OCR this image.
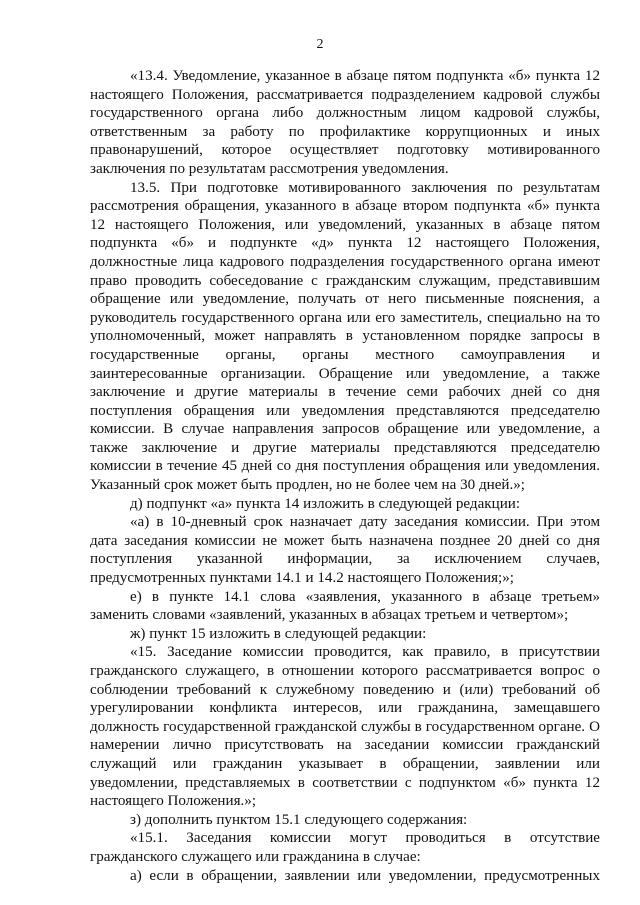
2

«13.4. Уведомление, указанное в абзаце пятом подпункта «б» пункта 12 настоящего Положения, рассматривается подразделением кадровой службы государственного органа либо должностным лицом кадровой службы, ответственным за работу по профилактике коррупционных и иных правонарушений, которое осуществляет подготовку мотивированного заключения по результатам рассмотрения уведомления.

13.5. При подготовке мотивированного заключения по результатам рассмотрения обращения, указанного в абзаце втором подпункта «б» пункта 12 настоящего Положения, или уведомлений, указанных в абзаце пятом подпункта «б» и подпункте «д» пункта 12 настоящего Положения, должностные лица кадрового подразделения государственного органа имеют право проводить собеседование с гражданским служащим, представившим обращение или уведомление, получать от него письменные пояснения, а руководитель государственного органа или его заместитель, специально на то уполномоченный, может направлять в установленном порядке запросы в государственные органы, органы местного самоуправления и заинтересованные организации. Обращение или уведомление, а также заключение и другие материалы в течение семи рабочих дней со дня поступления обращения или уведомления представляются председателю комиссии. В случае направления запросов обращение или уведомление, а также заключение и другие материалы представляются председателю комиссии в течение 45 дней со дня поступления обращения или уведомления. Указанный срок может быть продлен, но не более чем на 30 дней.»;

д) подпункт «а» пункта 14 изложить в следующей редакции:

«а) в 10-дневный срок назначает дату заседания комиссии. При этом дата заседания комиссии не может быть назначена позднее 20 дней со дня поступления указанной информации, за исключением случаев, предусмотренных пунктами 14.1 и 14.2 настоящего Положения;»;

е) в пункте 14.1 слова «заявления, указанного в абзаце третьем» заменить словами «заявлений, указанных в абзацах третьем и четвертом»;

ж) пункт 15 изложить в следующей редакции:

«15. Заседание комиссии проводится, как правило, в присутствии гражданского служащего, в отношении которого рассматривается вопрос о соблюдении требований к служебному поведению и (или) требований об урегулировании конфликта интересов, или гражданина, замещавшего должность государственной гражданской службы в государственном органе. О намерении лично присутствовать на заседании комиссии гражданский служащий или гражданин указывает в обращении, заявлении или уведомлении, представляемых в соответствии с подпунктом «б» пункта 12 настоящего Положения.»;

з) дополнить пунктом 15.1 следующего содержания:

«15.1. Заседания комиссии могут проводиться в отсутствие гражданского служащего или гражданина в случае:

а) если в обращении, заявлении или уведомлении, предусмотренных
